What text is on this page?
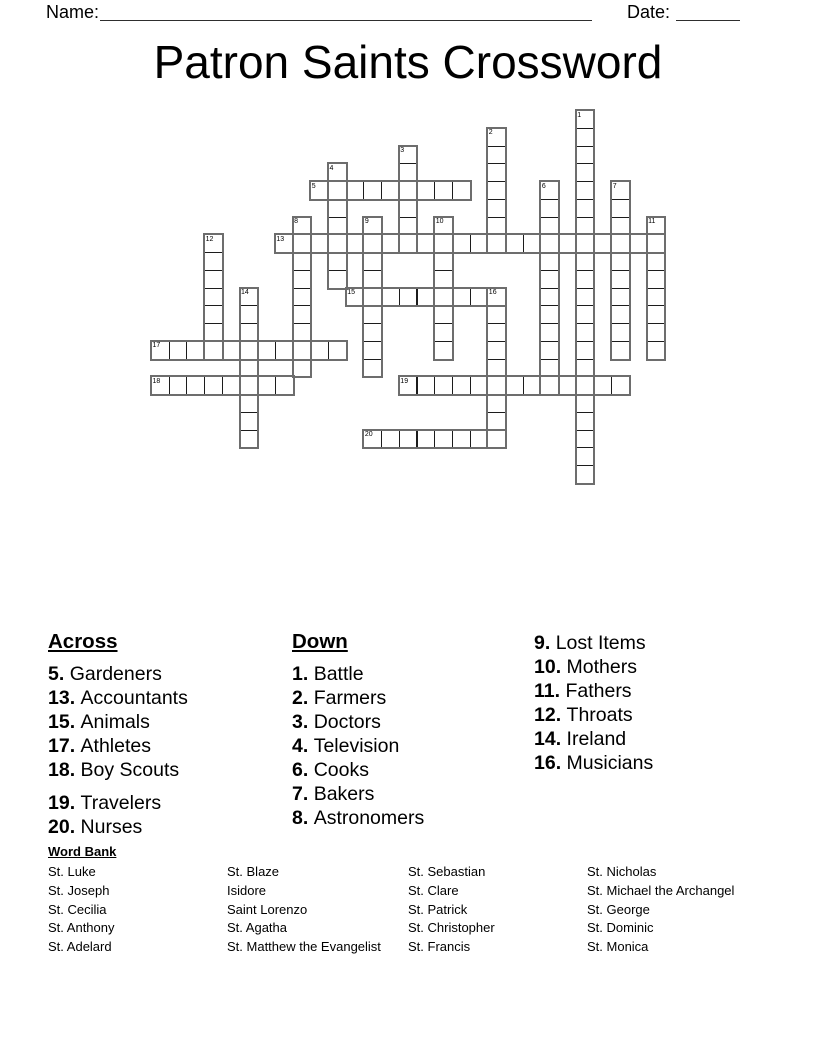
Name:	Date:
Patron Saints Crossword
1
2
3
4
5	6	7
8	9	10	11
12	13
14	15	16
17
18	19
20
Across
5. Gardeners
13. Accountants
15. Animals
17. Athletes
18. Boy Scouts
19. Travelers
20. Nurses
Down
1. Battle
2. Farmers
3. Doctors
4. Television
6. Cooks
7. Bakers
8. Astronomers
9. Lost Items
10. Mothers
11. Fathers
12. Throats
14. Ireland
16. Musicians
Word Bank
St. Luke
St. Joseph
St. Cecilia
St. Anthony
St. Adelard
St. Blaze
Isidore
Saint Lorenzo
St. Agatha
St. Matthew the Evangelist
St. Sebastian
St. Clare
St. Patrick
St. Christopher
St. Francis
St. Nicholas
St. Michael the Archangel
St. George
St. Dominic
St. Monica
